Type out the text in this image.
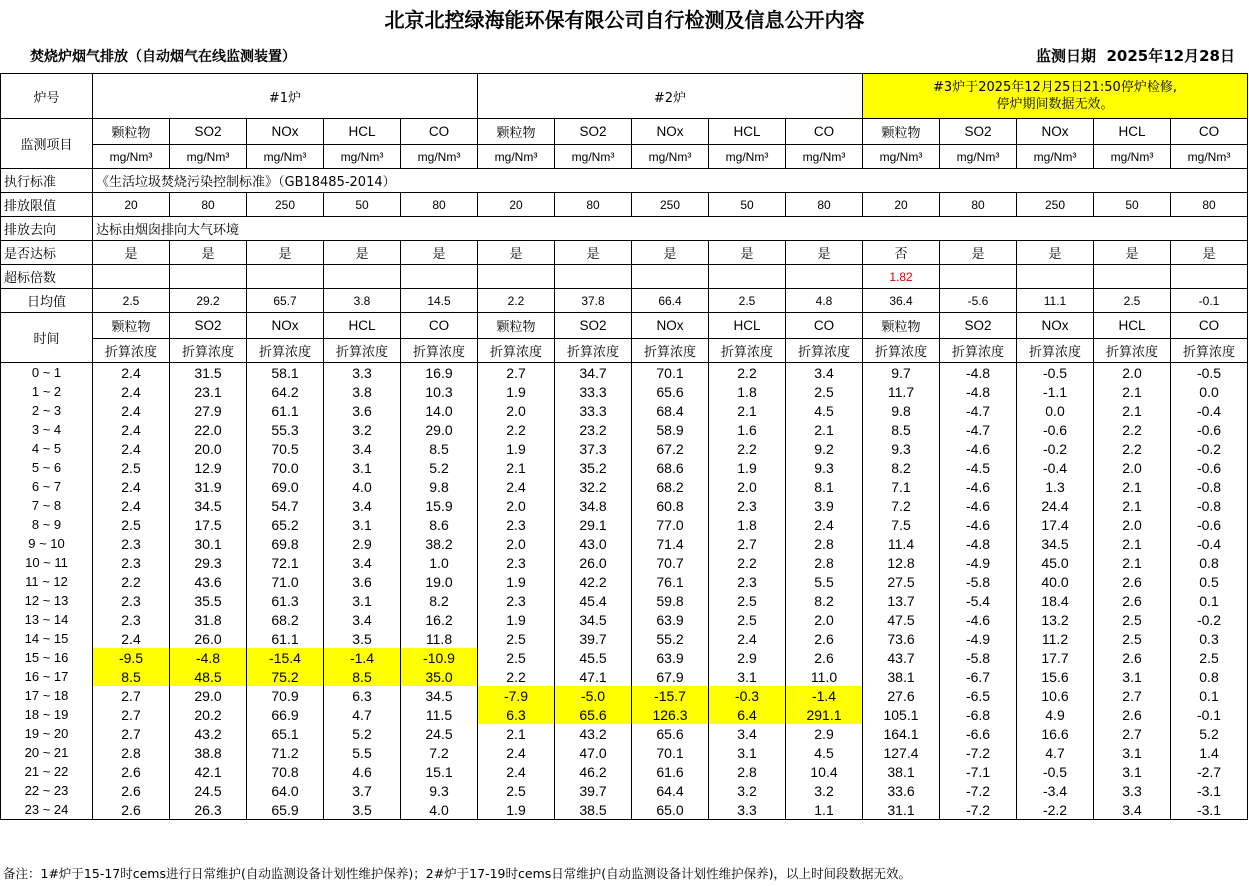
北京北控绿海能环保有限公司自行检测及信息公开内容
焚烧炉烟气排放（自动烟气在线监测装置）	监测日期 2025年12月28日
炉号	#1炉					#2炉					#3炉于2025年12月25日21:50停炉检修,
停炉期间数据无效。				

监测项目	颗粒物	SO2	NOx	HCL	CO	颗粒物	SO2	NOx	HCL	CO	颗粒物	SO2	NOx	HCL	CO
	mg/Nm³	mg/Nm³	mg/Nm³	mg/Nm³	mg/Nm³	mg/Nm³	mg/Nm³	mg/Nm³	mg/Nm³	mg/Nm³	mg/Nm³	mg/Nm³	mg/Nm³	mg/Nm³	mg/Nm³
执行标准	《生活垃圾焚烧污染控制标准》（GB18485-2014）														
排放限值	20	80	250	50	80	20	80	250	50	80	20	80	250	50	80
排放去向	达标由烟囱排向大气环境														
是否达标	是	是	是	是	是	是	是	是	是	是	否	是	是	是	是
超标倍数											1.82				
日均值	2.5	29.2	65.7	3.8	14.5	2.2	37.8	66.4	2.5	4.8	36.4	-5.6	11.1	2.5	-0.1
时间	颗粒物	SO2	NOx	HCL	CO	颗粒物	SO2	NOx	HCL	CO	颗粒物	SO2	NOx	HCL	CO
	折算浓度	折算浓度	折算浓度	折算浓度	折算浓度	折算浓度	折算浓度	折算浓度	折算浓度	折算浓度	折算浓度	折算浓度	折算浓度	折算浓度	折算浓度
0 ~ 1	2.4	31.5	58.1	3.3	16.9	2.7	34.7	70.1	2.2	3.4	9.7	-4.8	-0.5	2.0	-0.5
1 ~ 2	2.4	23.1	64.2	3.8	10.3	1.9	33.3	65.6	1.8	2.5	11.7	-4.8	-1.1	2.1	0.0
2 ~ 3	2.4	27.9	61.1	3.6	14.0	2.0	33.3	68.4	2.1	4.5	9.8	-4.7	0.0	2.1	-0.4
3 ~ 4	2.4	22.0	55.3	3.2	29.0	2.2	23.2	58.9	1.6	2.1	8.5	-4.7	-0.6	2.2	-0.6
4 ~ 5	2.4	20.0	70.5	3.4	8.5	1.9	37.3	67.2	2.2	9.2	9.3	-4.6	-0.2	2.2	-0.2
5 ~ 6	2.5	12.9	70.0	3.1	5.2	2.1	35.2	68.6	1.9	9.3	8.2	-4.5	-0.4	2.0	-0.6
6 ~ 7	2.4	31.9	69.0	4.0	9.8	2.4	32.2	68.2	2.0	8.1	7.1	-4.6	1.3	2.1	-0.8
7 ~ 8	2.4	34.5	54.7	3.4	15.9	2.0	34.8	60.8	2.3	3.9	7.2	-4.6	24.4	2.1	-0.8
8 ~ 9	2.5	17.5	65.2	3.1	8.6	2.3	29.1	77.0	1.8	2.4	7.5	-4.6	17.4	2.0	-0.6
9 ~ 10	2.3	30.1	69.8	2.9	38.2	2.0	43.0	71.4	2.7	2.8	11.4	-4.8	34.5	2.1	-0.4
10 ~ 11	2.3	29.3	72.1	3.4	1.0	2.3	26.0	70.7	2.2	2.8	12.8	-4.9	45.0	2.1	0.8
11 ~ 12	2.2	43.6	71.0	3.6	19.0	1.9	42.2	76.1	2.3	5.5	27.5	-5.8	40.0	2.6	0.5
12 ~ 13	2.3	35.5	61.3	3.1	8.2	2.3	45.4	59.8	2.5	8.2	13.7	-5.4	18.4	2.6	0.1
13 ~ 14	2.3	31.8	68.2	3.4	16.2	1.9	34.5	63.9	2.5	2.0	47.5	-4.6	13.2	2.5	-0.2
14 ~ 15	2.4	26.0	61.1	3.5	11.8	2.5	39.7	55.2	2.4	2.6	73.6	-4.9	11.2	2.5	0.3
15 ~ 16	-9.5	-4.8	-15.4	-1.4	-10.9	2.5	45.5	63.9	2.9	2.6	43.7	-5.8	17.7	2.6	2.5
16 ~ 17	8.5	48.5	75.2	8.5	35.0	2.2	47.1	67.9	3.1	11.0	38.1	-6.7	15.6	3.1	0.8
17 ~ 18	2.7	29.0	70.9	6.3	34.5	-7.9	-5.0	-15.7	-0.3	-1.4	27.6	-6.5	10.6	2.7	0.1
18 ~ 19	2.7	20.2	66.9	4.7	11.5	6.3	65.6	126.3	6.4	291.1	105.1	-6.8	4.9	2.6	-0.1
19 ~ 20	2.7	43.2	65.1	5.2	24.5	2.1	43.2	65.6	3.4	2.9	164.1	-6.6	16.6	2.7	5.2
20 ~ 21	2.8	38.8	71.2	5.5	7.2	2.4	47.0	70.1	3.1	4.5	127.4	-7.2	4.7	3.1	1.4
21 ~ 22	2.6	42.1	70.8	4.6	15.1	2.4	46.2	61.6	2.8	10.4	38.1	-7.1	-0.5	3.1	-2.7
22 ~ 23	2.6	24.5	64.0	3.7	9.3	2.5	39.7	64.4	3.2	3.2	33.6	-7.2	-3.4	3.3	-3.1
23 ~ 24	2.6	26.3	65.9	3.5	4.0	1.9	38.5	65.0	3.3	1.1	31.1	-7.2	-2.2	3.4	-3.1
备注：1#炉于15-17时cems进行日常维护(自动监测设备计划性维护保养)；2#炉于17-19时cems日常维护(自动监测设备计划性维护保养)，以上时间段数据无效。
